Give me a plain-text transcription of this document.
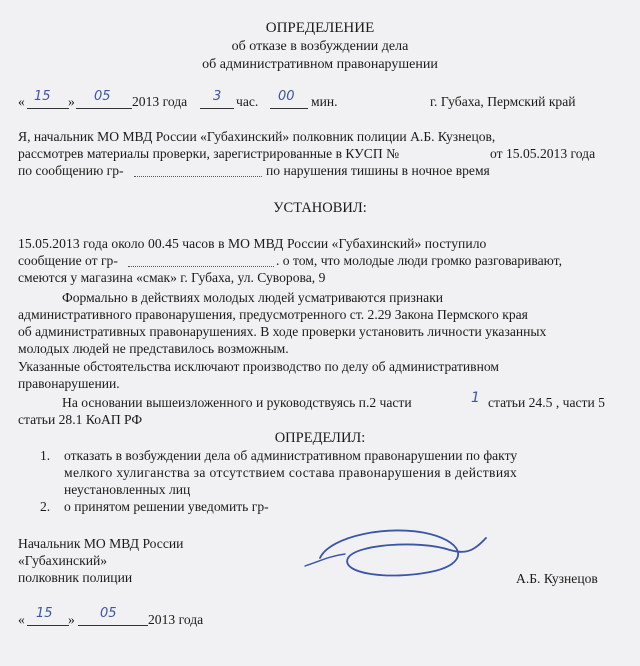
ОПРЕДЕЛЕНИЕ
об отказе в возбуждении дела
об административном правонарушении
« 15 » 05 2013 года 3 час. 00 мин.	г. Губаха, Пермский край

Я, начальник МО МВД России «Губахинский» полковник полиции А.Б. Кузнецов,
рассмотрев материалы проверки, зарегистрированные в КУСП №	от 15.05.2013 года
по сообщению гр-	по нарушения тишины в ночное время
УСТАНОВИЛ:
15.05.2013 года около 00.45 часов в МО МВД России «Губахинский» поступило
сообщение от гр-	. о том, что молодые люди громко разговаривают,
смеются у магазина «смак» г. Губаха, ул. Суворова, 9
Формально в действиях молодых людей усматриваются признаки
административного правонарушения, предусмотренного ст. 2.29 Закона Пермского края
об административных правонарушениях. В ходе проверки установить личности указанных
молодых людей не представилось возможным.
Указанные обстоятельства исключают производство по делу об административном
правонарушении.
На основании вышеизложенного и руководствуясь п.2 части	1 статьи 24.5 , части 5
статьи 28.1 КоАП РФ
ОПРЕДЕЛИЛ:
1. отказать в возбуждении дела об административном правонарушении по факту
мелкого хулиганства за отсутствием состава правонарушения в действиях
неустановленных лиц
2. о принятом решении уведомить гр-
Начальник МО МВД России
«Губахинский»
полковник полиции	А.Б. Кузнецов
« 15 » 05 2013 года
